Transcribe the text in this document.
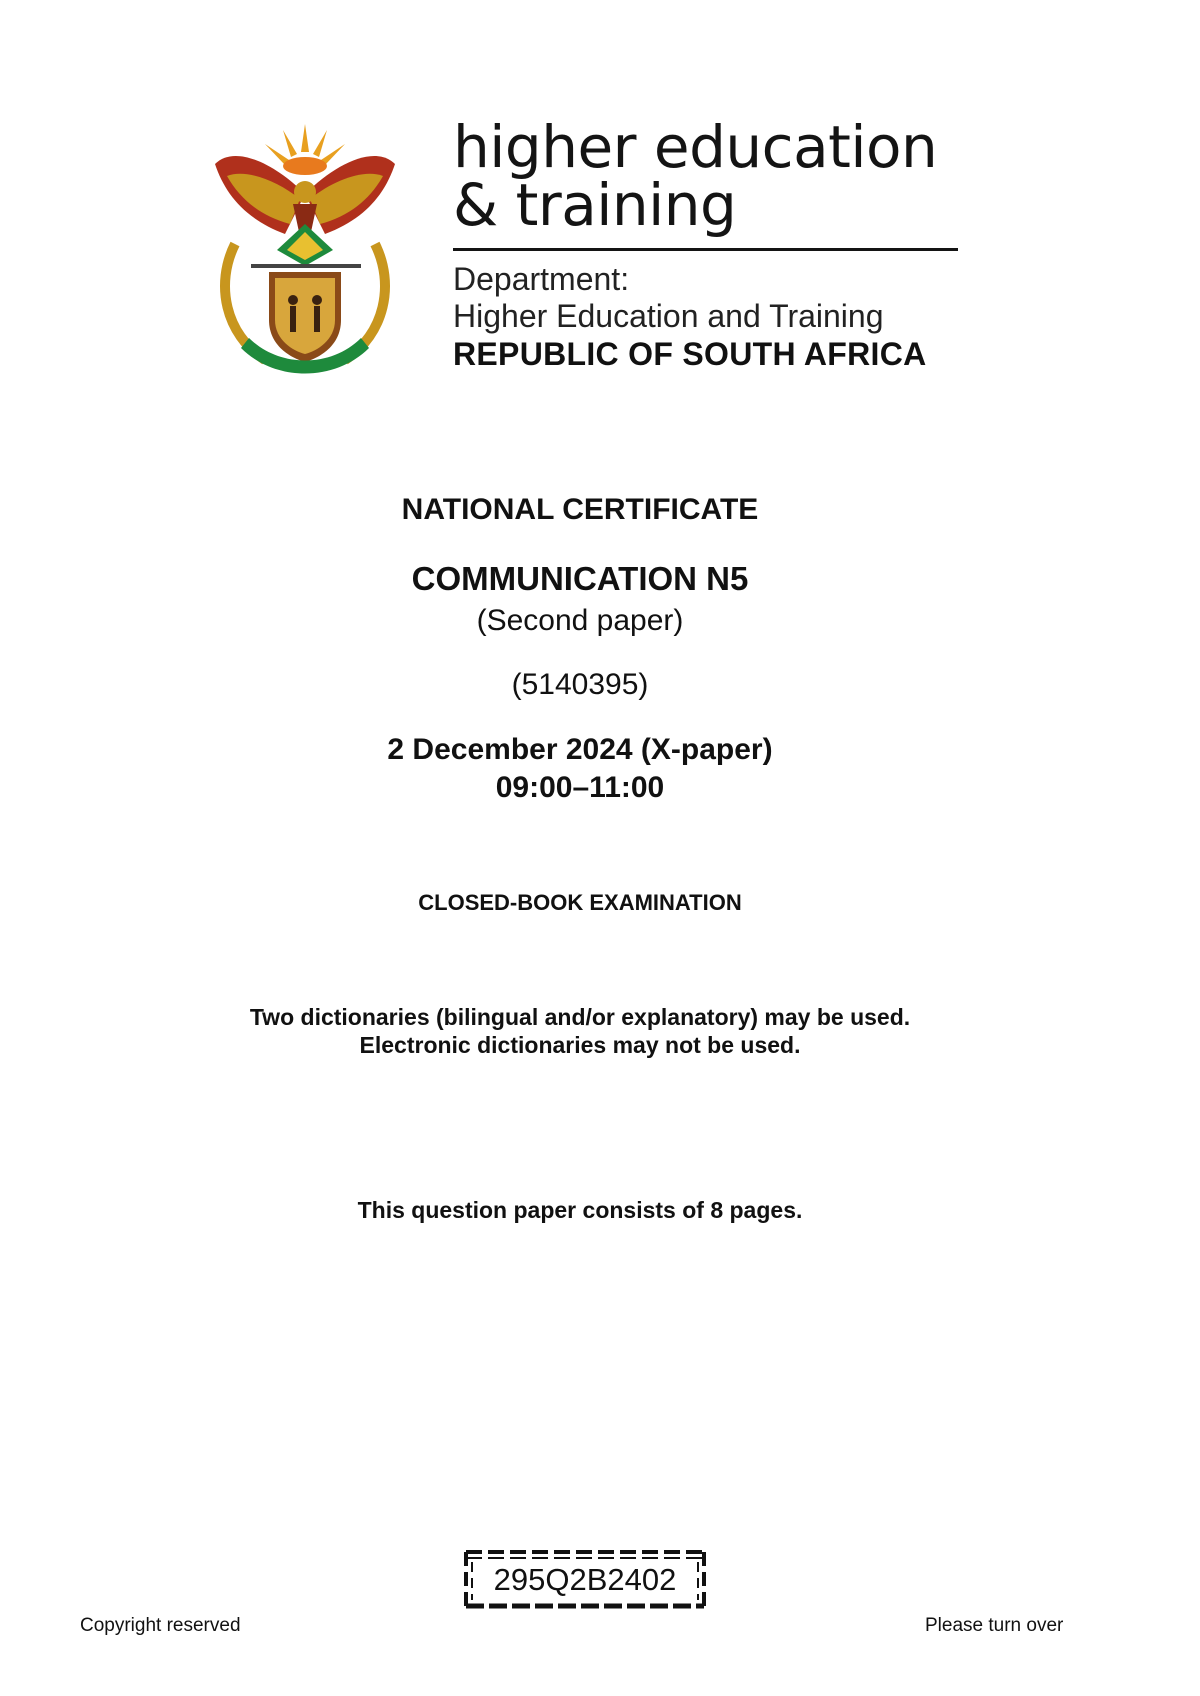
higher education
& training
Department:
Higher Education and Training
REPUBLIC OF SOUTH AFRICA
NATIONAL CERTIFICATE
COMMUNICATION N5
(Second paper)
(5140395)
2 December 2024 (X-paper)
09:00–11:00
CLOSED-BOOK EXAMINATION
Two dictionaries (bilingual and/or explanatory) may be used.
Electronic dictionaries may not be used.
This question paper consists of 8 pages.
295Q2B2402
Copyright reserved	Please turn over
